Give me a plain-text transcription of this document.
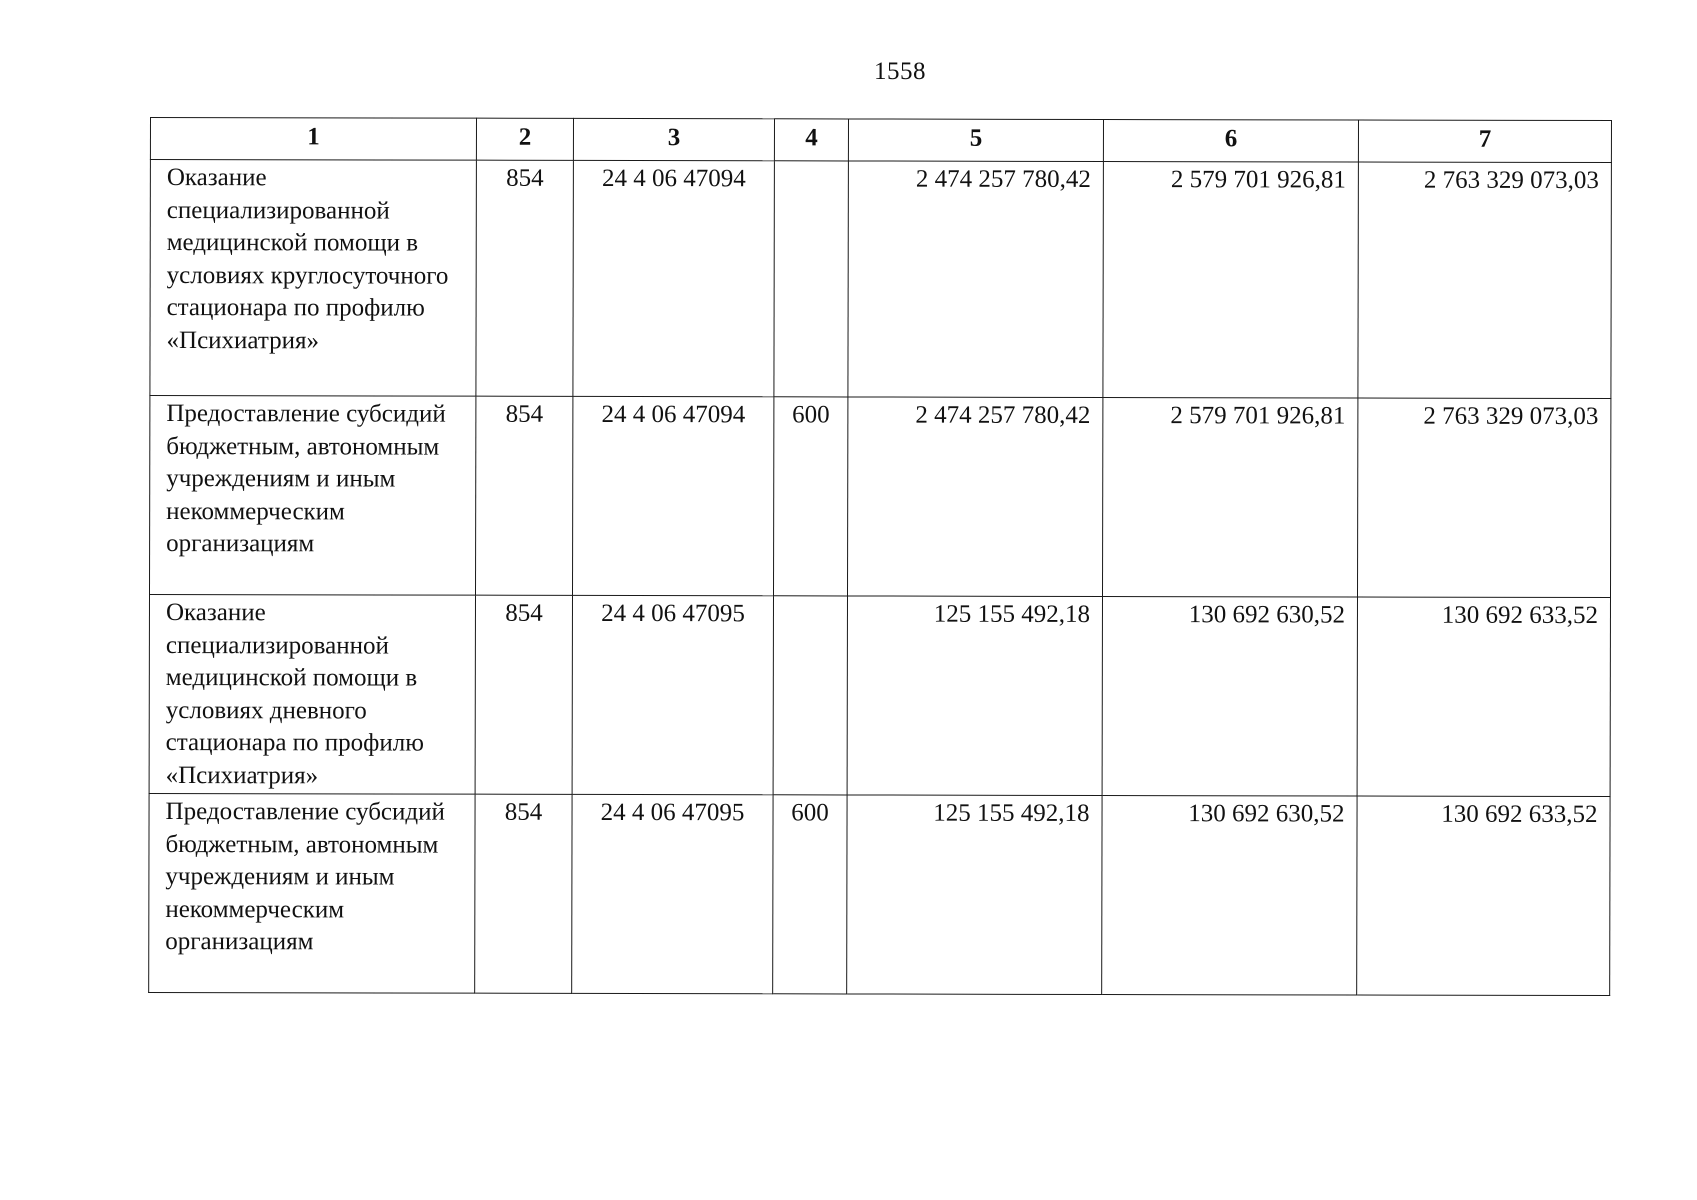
1558
1	2	3	4	5	6	7
Оказание специализированной медицинской помощи в условиях круглосуточного стационара по профилю «Психиатрия»	854	24 4 06 47094		2 474 257 780,42	2 579 701 926,81	2 763 329 073,03
Предоставление субсидий бюджетным, автономным учреждениям и иным некоммерческим организациям	854	24 4 06 47094	600	2 474 257 780,42	2 579 701 926,81	2 763 329 073,03
Оказание специализированной медицинской помощи в условиях дневного стационара по профилю «Психиатрия»	854	24 4 06 47095		125 155 492,18	130 692 630,52	130 692 633,52
Предоставление субсидий бюджетным, автономным учреждениям и иным некоммерческим организациям	854	24 4 06 47095	600	125 155 492,18	130 692 630,52	130 692 633,52
